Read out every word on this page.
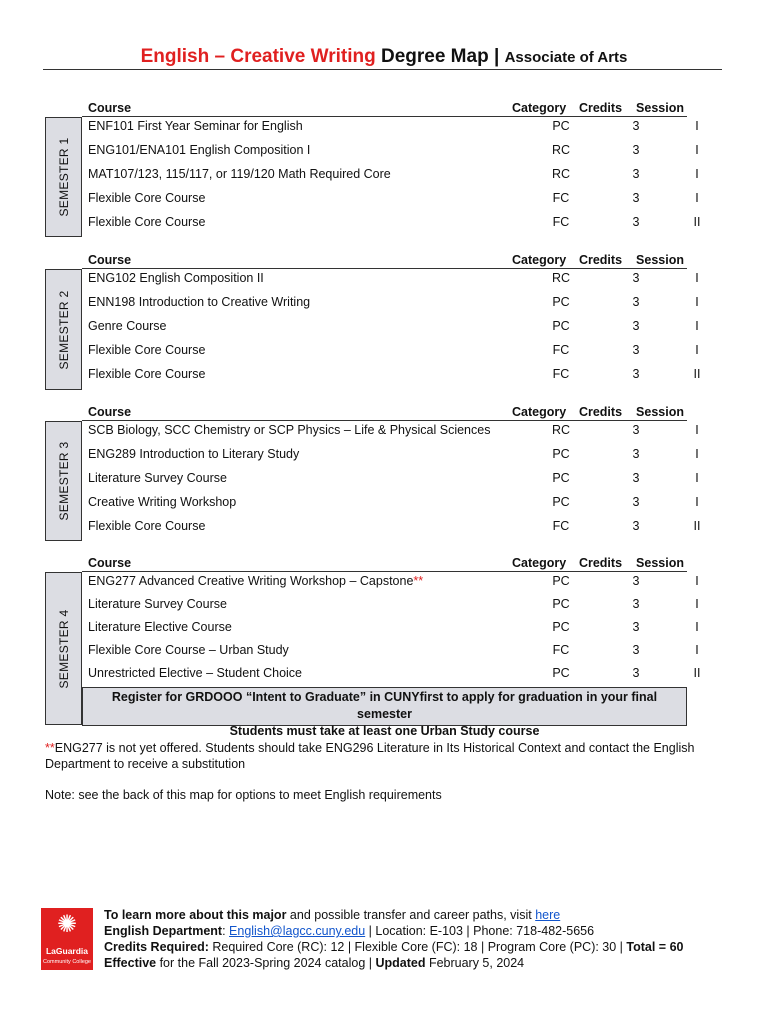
English – Creative Writing Degree Map | Associate of Arts
Course	Category Credits Session
SEMESTER 1
ENF101 First Year Seminar for English	PC	3	I
ENG101/ENA101 English Composition I	RC	3	I
MAT107/123, 115/117, or 119/120 Math Required Core	RC	3	I
Flexible Core Course	FC	3	I
Flexible Core Course	FC	3	II
Course	Category Credits Session
SEMESTER 2
ENG102 English Composition II	RC	3	I
ENN198 Introduction to Creative Writing	PC	3	I
Genre Course	PC	3	I
Flexible Core Course	FC	3	I
Flexible Core Course	FC	3	II
Course	Category Credits Session
SEMESTER 3
SCB Biology, SCC Chemistry or SCP Physics – Life & Physical Sciences	RC	3	I
ENG289 Introduction to Literary Study	PC	3	I
Literature Survey Course	PC	3	I
Creative Writing Workshop	PC	3	I
Flexible Core Course	FC	3	II
Course	Category Credits Session
SEMESTER 4
ENG277 Advanced Creative Writing Workshop – Capstone**	PC	3	I
Literature Survey Course	PC	3	I
Literature Elective Course	PC	3	I
Flexible Core Course – Urban Study	FC	3	I
Unrestricted Elective – Student Choice	PC	3	II
Register for GRDOOO “Intent to Graduate” in CUNYfirst to apply for graduation in your final semester
Students must take at least one Urban Study course
**ENG277 is not yet offered. Students should take ENG296 Literature in Its Historical Context and contact the English Department to receive a substitution
Note: see the back of this map for options to meet English requirements
✺
LaGuardia
Community College
To learn more about this major and possible transfer and career paths, visit here
English Department: English@lagcc.cuny.edu | Location: E-103 | Phone: 718-482-5656
Credits Required: Required Core (RC): 12 | Flexible Core (FC): 18 | Program Core (PC): 30 | Total = 60
Effective for the Fall 2023-Spring 2024 catalog | Updated February 5, 2024
